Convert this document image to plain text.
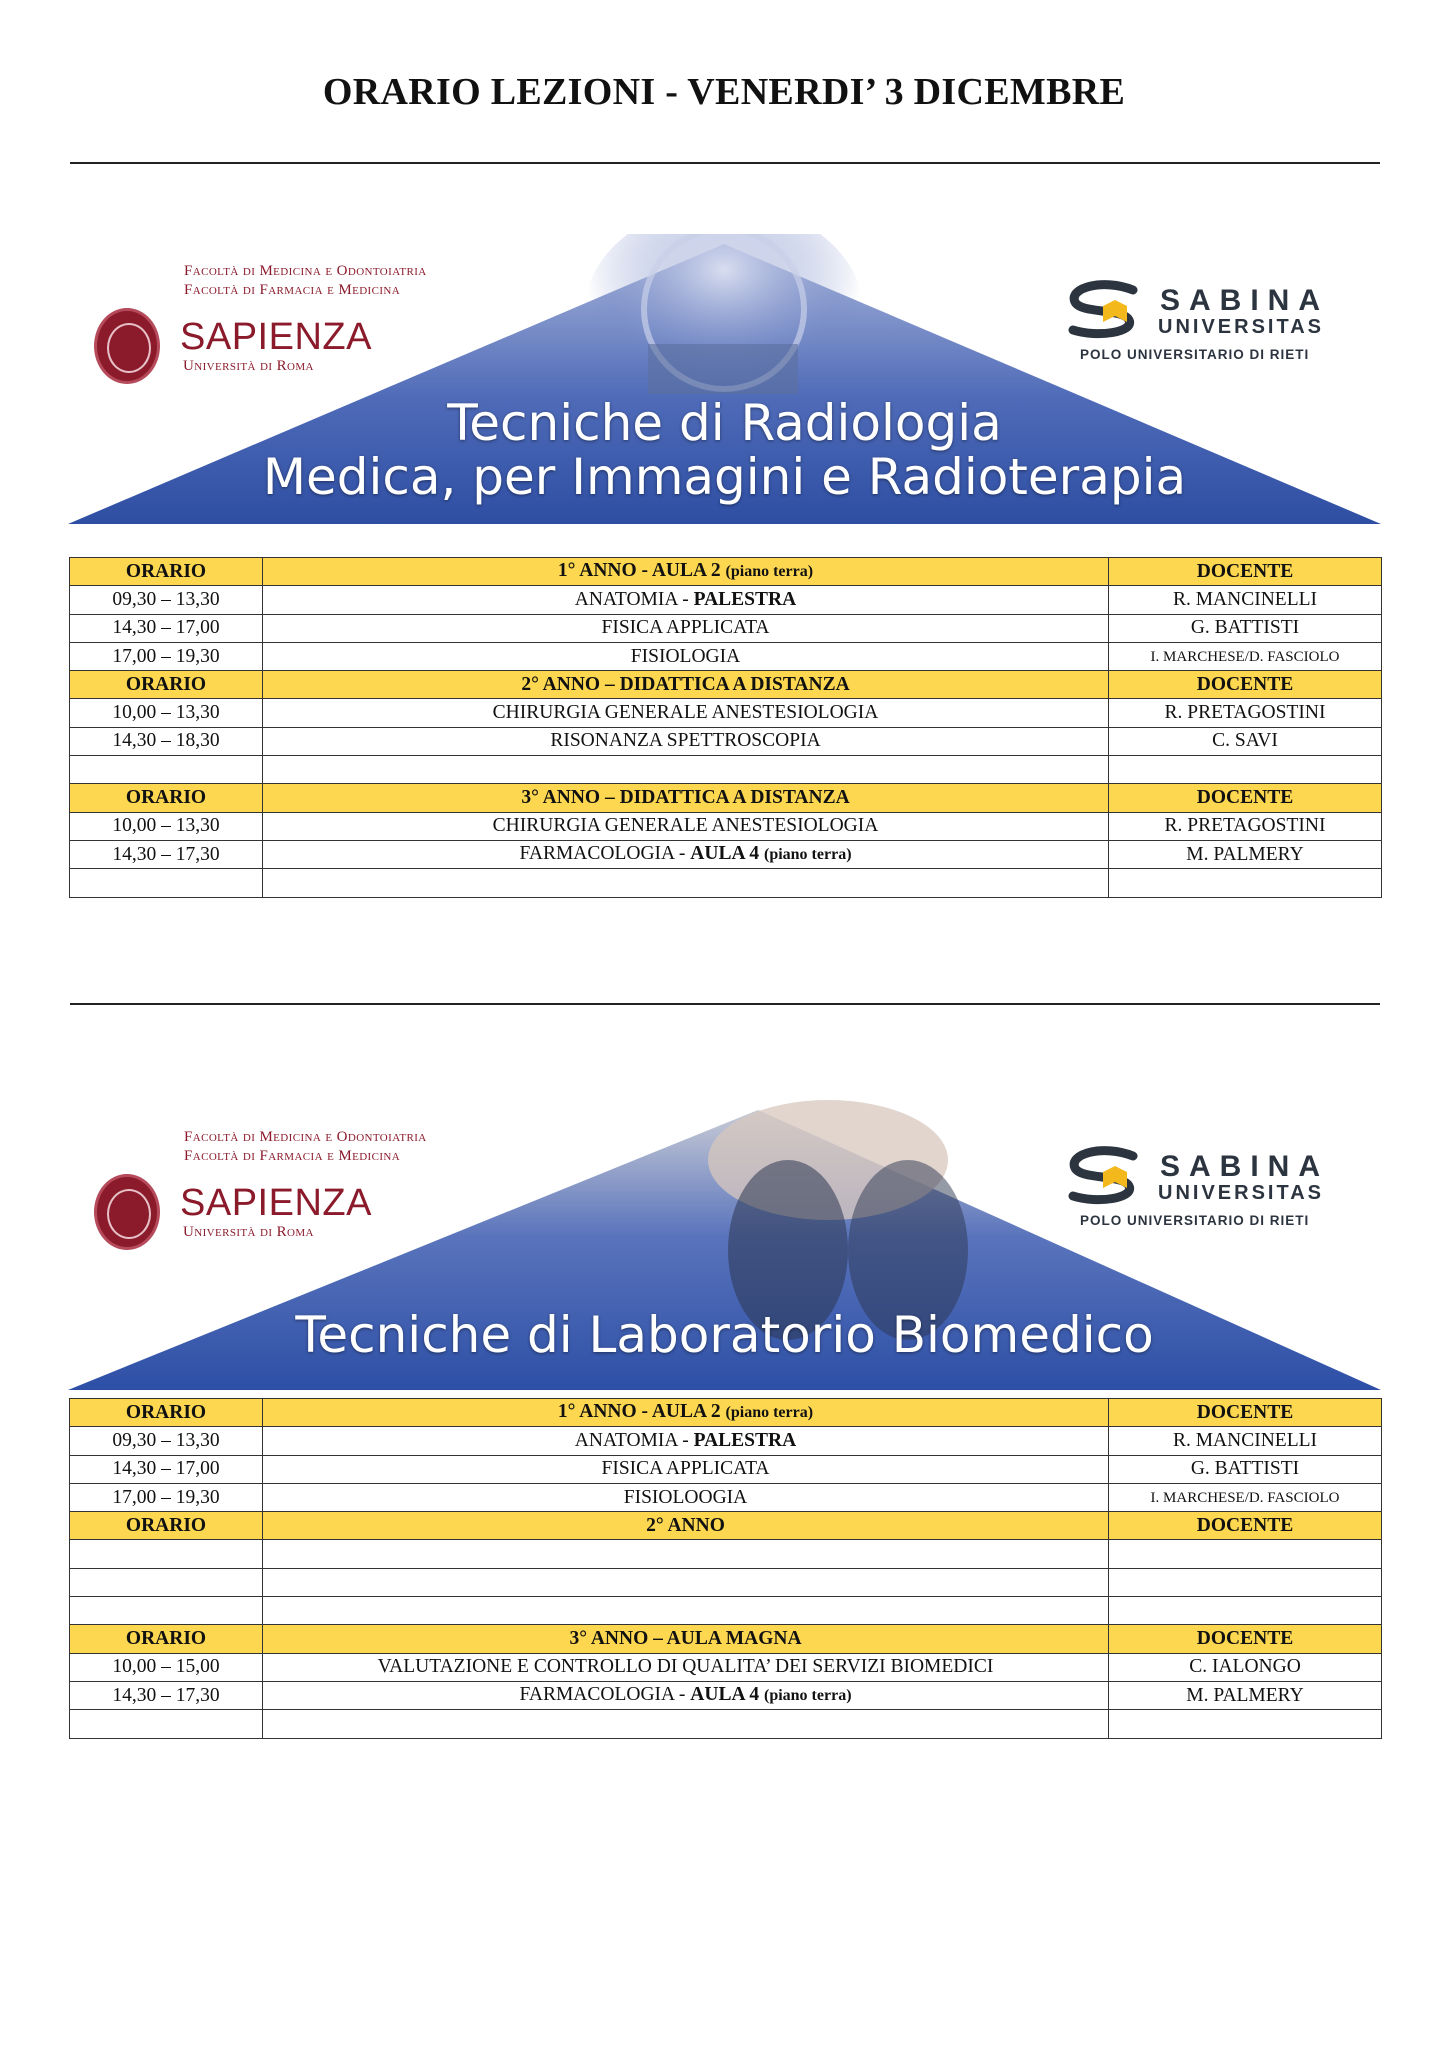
ORARIO LEZIONI - VENERDI’ 3 DICEMBRE
Facoltà di Medicina e Odontoiatria
Facoltà di Farmacia e Medicina
SAPIENZA
Università di Roma
SABINA
UNIVERSITAS
POLO UNIVERSITARIO DI RIETI
Tecniche di Radiologia
Medica, per Immagini e Radioterapia
ORARIO	1° ANNO - AULA 2 (piano terra)	DOCENTE
09,30 – 13,30	ANATOMIA - PALESTRA	R. MANCINELLI
14,30 – 17,00	FISICA APPLICATA	G. BATTISTI
17,00 – 19,30	FISIOLOGIA	I. MARCHESE/D. FASCIOLO
ORARIO	2° ANNO – DIDATTICA A DISTANZA	DOCENTE
10,00 – 13,30	CHIRURGIA GENERALE ANESTESIOLOGIA	R. PRETAGOSTINI
14,30 – 18,30	RISONANZA SPETTROSCOPIA	C. SAVI

ORARIO	3° ANNO – DIDATTICA A DISTANZA	DOCENTE
10,00 – 13,30	CHIRURGIA GENERALE ANESTESIOLOGIA	R. PRETAGOSTINI
14,30 – 17,30	FARMACOLOGIA - AULA 4 (piano terra)	M. PALMERY

Facoltà di Medicina e Odontoiatria
Facoltà di Farmacia e Medicina
SAPIENZA
Università di Roma
SABINA
UNIVERSITAS
POLO UNIVERSITARIO DI RIETI
Tecniche di Laboratorio Biomedico
ORARIO	1° ANNO - AULA 2 (piano terra)	DOCENTE
09,30 – 13,30	ANATOMIA - PALESTRA	R. MANCINELLI
14,30 – 17,00	FISICA APPLICATA	G. BATTISTI
17,00 – 19,30	FISIOLOOGIA	I. MARCHESE/D. FASCIOLO
ORARIO	2° ANNO	DOCENTE

ORARIO	3° ANNO – AULA MAGNA	DOCENTE
10,00 – 15,00	VALUTAZIONE E CONTROLLO DI QUALITA’ DEI SERVIZI BIOMEDICI	C. IALONGO
14,30 – 17,30	FARMACOLOGIA - AULA 4 (piano terra)	M. PALMERY
